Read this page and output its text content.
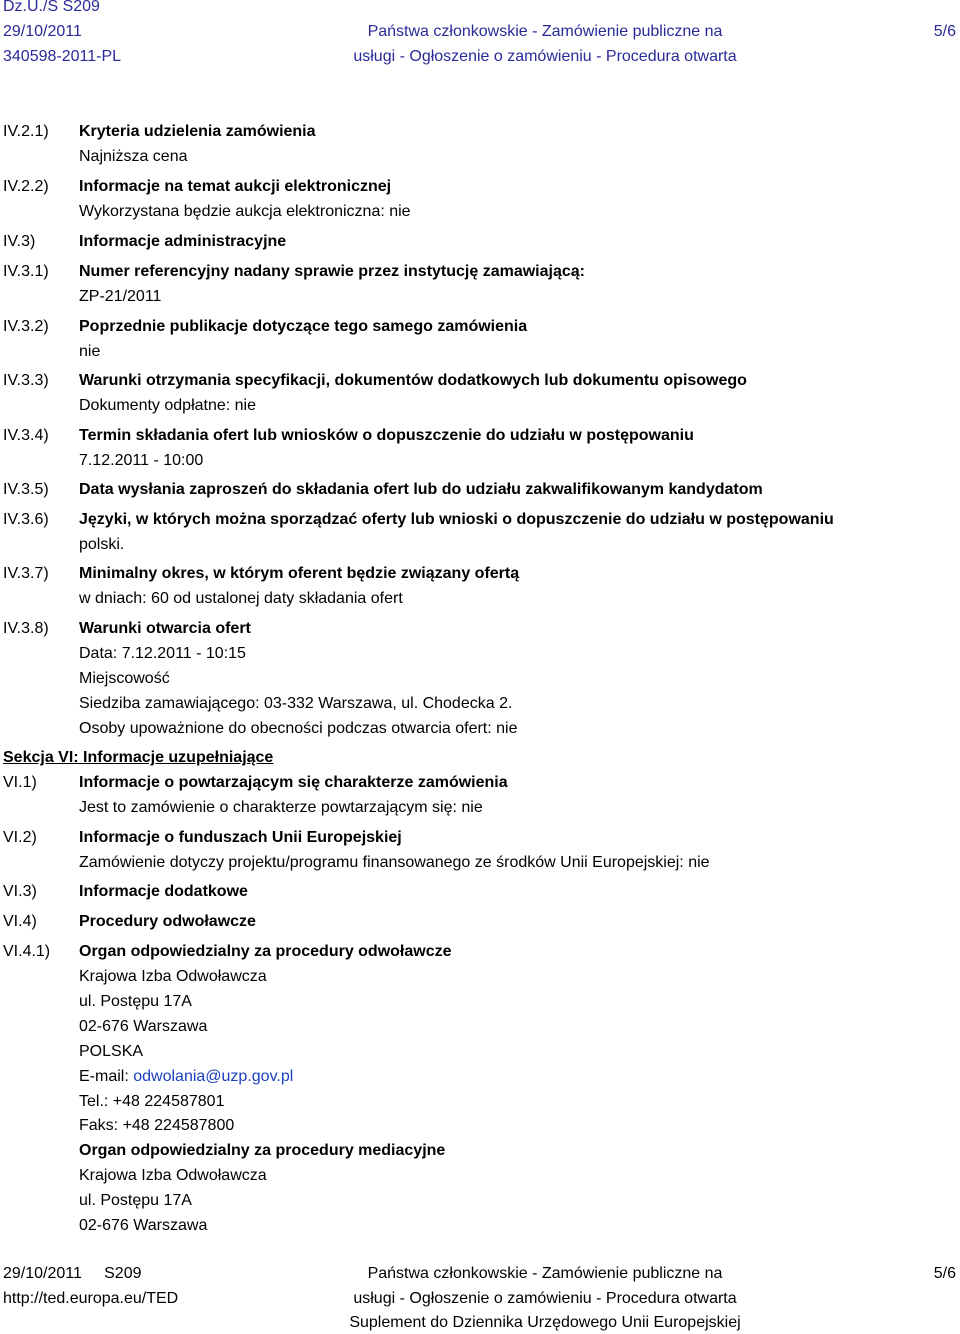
Dz.U./S S209
29/10/2011
340598-2011-PL
Państwa członkowskie - Zamówienie publiczne na
usługi - Ogłoszenie o zamówieniu - Procedura otwarta
5/6
IV.2.1) Kryteria udzielenia zamówienia
Najniższa cena
IV.2.2) Informacje na temat aukcji elektronicznej
Wykorzystana będzie aukcja elektroniczna: nie
IV.3)	Informacje administracyjne
IV.3.1) Numer referencyjny nadany sprawie przez instytucję zamawiającą:
ZP-21/2011
IV.3.2) Poprzednie publikacje dotyczące tego samego zamówienia
nie
IV.3.3) Warunki otrzymania specyfikacji, dokumentów dodatkowych lub dokumentu opisowego
Dokumenty odpłatne: nie
IV.3.4) Termin składania ofert lub wniosków o dopuszczenie do udziału w postępowaniu
7.12.2011 - 10:00
IV.3.5) Data wysłania zaproszeń do składania ofert lub do udziału zakwalifikowanym kandydatom
IV.3.6) Języki, w których można sporządzać oferty lub wnioski o dopuszczenie do udziału w postępowaniu
polski.
IV.3.7) Minimalny okres, w którym oferent będzie związany ofertą
w dniach: 60 od ustalonej daty składania ofert
IV.3.8) Warunki otwarcia ofert
Data: 7.12.2011 - 10:15
Miejscowość
Siedziba zamawiającego: 03-332 Warszawa, ul. Chodecka 2.
Osoby upoważnione do obecności podczas otwarcia ofert: nie
Sekcja VI: Informacje uzupełniające
VI.1)	Informacje o powtarzającym się charakterze zamówienia
Jest to zamówienie o charakterze powtarzającym się: nie
VI.2)	Informacje o funduszach Unii Europejskiej
Zamówienie dotyczy projektu/programu finansowanego ze środków Unii Europejskiej: nie
VI.3)	Informacje dodatkowe
VI.4)	Procedury odwoławcze
VI.4.1) Organ odpowiedzialny za procedury odwoławcze
Krajowa Izba Odwoławcza
ul. Postępu 17A
02-676 Warszawa
POLSKA
E-mail: odwolania@uzp.gov.pl
Tel.: +48 224587801
Faks: +48 224587800
Organ odpowiedzialny za procedury mediacyjne
Krajowa Izba Odwoławcza
ul. Postępu 17A
02-676 Warszawa
29/10/2011     S209
http://ted.europa.eu/TED
Państwa członkowskie - Zamówienie publiczne na
usługi - Ogłoszenie o zamówieniu - Procedura otwarta
Suplement do Dziennika Urzędowego Unii Europejskiej
5/6
